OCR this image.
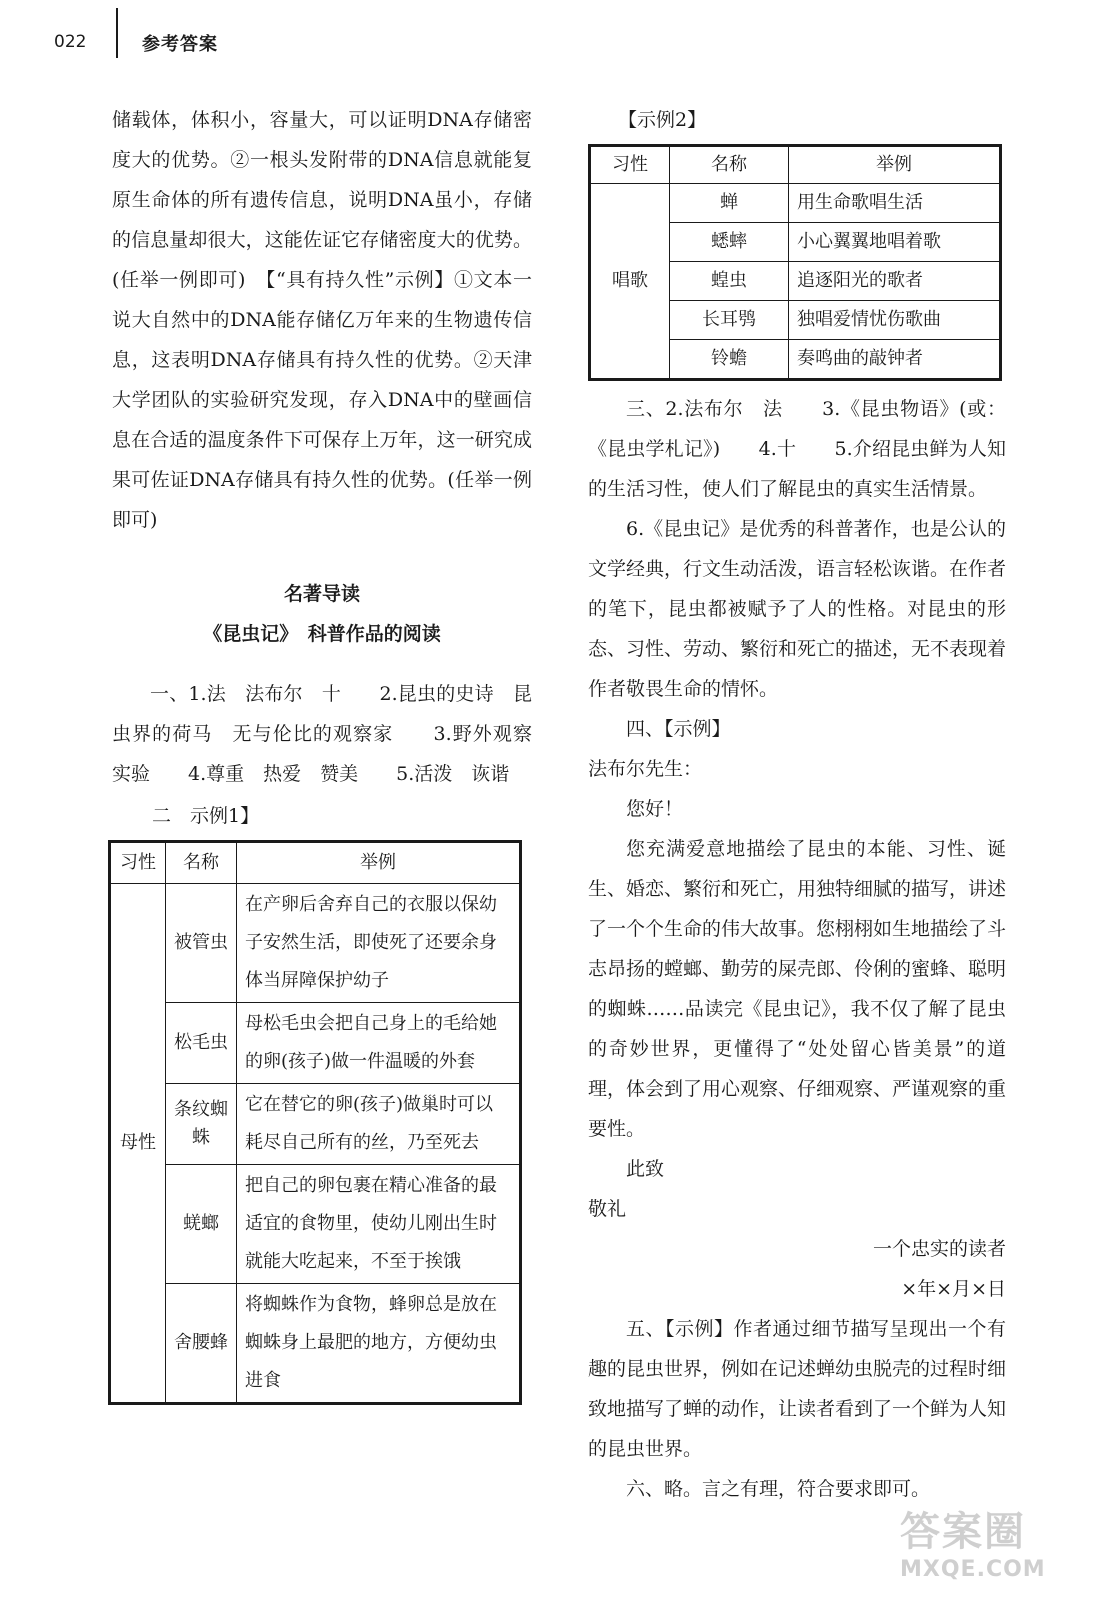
022	参考答案

储载体，体积小，容量大，可以证明DNA存储密度大的优势。②一根头发附带的DNA信息就能复原生命体的所有遗传信息，说明DNA虽小，存储的信息量却很大，这能佐证它存储密度大的优势。(任举一例即可)　【“具有持久性”示例】①文本一说大自然中的DNA能存储亿万年来的生物遗传信息，这表明DNA存储具有持久性的优势。②天津大学团队的实验研究发现，存入DNA中的壁画信息在合适的温度条件下可保存上万年，这一研究成果可佐证DNA存储具有持久性的优势。(任举一例即可)

名著导读

《昆虫记》　科普作品的阅读

一、1.法　法布尔　十　　2.昆虫的史诗　昆虫界的荷马　无与伦比的观察家　　3.野外观察　实验　　4.尊重　热爱　赞美　　5.活泼　诙谐

二　示例1】

习性	名称	举例
母性	被管虫	在产卵后舍弃自己的衣服以保幼子安然生活，即使死了还要余身体当屏障保护幼子
	松毛虫	母松毛虫会把自己身上的毛给她的卵(孩子)做一件温暖的外套
	条纹蜘蛛	它在替它的卵(孩子)做巢时可以耗尽自己所有的丝，乃至死去
	蜣螂	把自己的卵包裹在精心准备的最适宜的食物里，使幼儿刚出生时就能大吃起来，不至于挨饿
	舍腰蜂	将蜘蛛作为食物，蜂卵总是放在蜘蛛身上最肥的地方，方便幼虫进食

【示例2】

习性	名称	举例
唱歌	蝉	用生命歌唱生活
	蟋蟀	小心翼翼地唱着歌
	蝗虫	追逐阳光的歌者
	长耳鸮	独唱爱情忧伤歌曲
	铃蟾	奏鸣曲的敲钟者

三、2.法布尔　法　　3.《昆虫物语》(或：《昆虫学札记》)　　4.十　　5.介绍昆虫鲜为人知的生活习性，使人们了解昆虫的真实生活情景。

6.《昆虫记》是优秀的科普著作，也是公认的文学经典，行文生动活泼，语言轻松诙谐。在作者的笔下，昆虫都被赋予了人的性格。对昆虫的形态、习性、劳动、繁衍和死亡的描述，无不表现着作者敬畏生命的情怀。

四、【示例】

法布尔先生：

您好！

您充满爱意地描绘了昆虫的本能、习性、诞生、婚恋、繁衍和死亡，用独特细腻的描写，讲述了一个个生命的伟大故事。您栩栩如生地描绘了斗志昂扬的螳螂、勤劳的屎壳郎、伶俐的蜜蜂、聪明的蜘蛛……品读完《昆虫记》，我不仅了解了昆虫的奇妙世界，更懂得了“处处留心皆美景”的道理，体会到了用心观察、仔细观察、严谨观察的重要性。

此致

敬礼

一个忠实的读者

×年×月×日

五、【示例】作者通过细节描写呈现出一个有趣的昆虫世界，例如在记述蝉幼虫脱壳的过程时细致地描写了蝉的动作，让读者看到了一个鲜为人知的昆虫世界。

六、略。言之有理，符合要求即可。

答案圈
MXQE.COM
